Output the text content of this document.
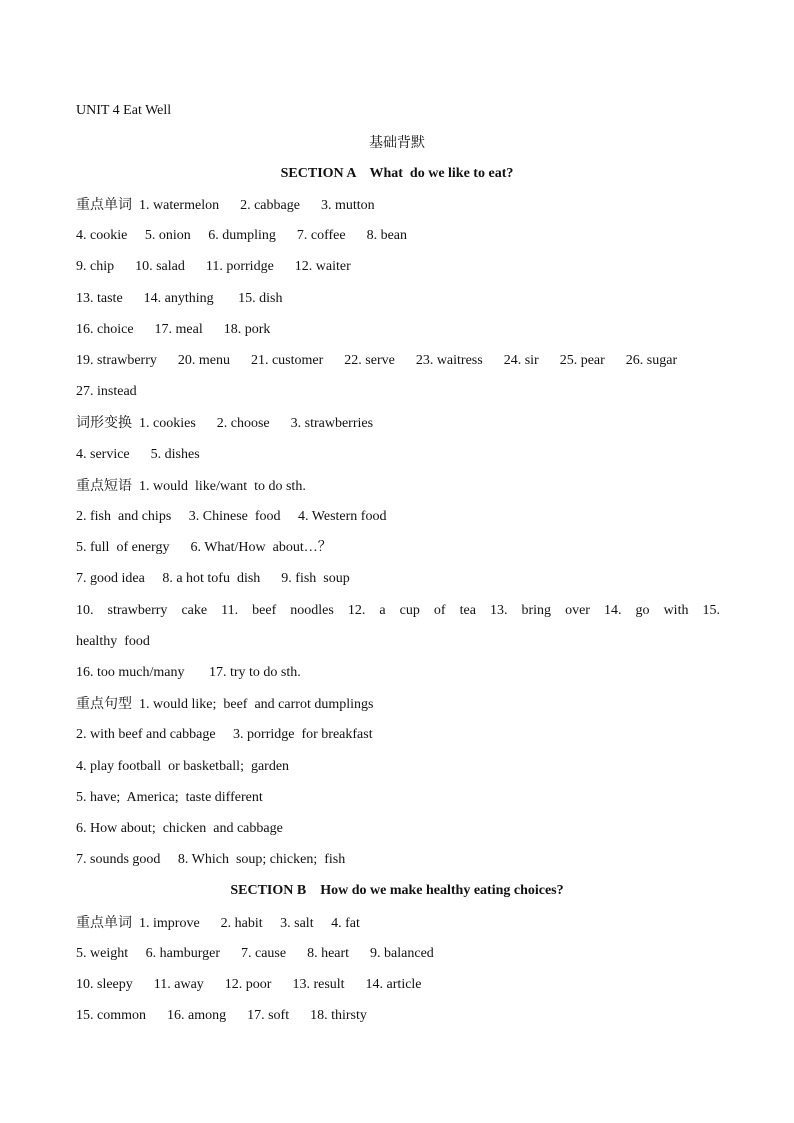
UNIT 4 Eat Well
基础背默
SECTION A    What  do we like to eat?
重点单词 1. watermelon      2. cabbage      3. mutton
4. cookie     5. onion     6. dumpling      7. coffee      8. bean
9. chip      10. salad      11. porridge      12. waiter
13. taste      14. anything       15. dish
16. choice      17. meal      18. pork
19. strawberry      20. menu      21. customer      22. serve      23. waitress      24. sir      25. pear      26. sugar
27. instead
词形变换 1. cookies      2. choose      3. strawberries
4. service      5. dishes
重点短语 1. would  like/want  to do sth.
2. fish  and chips     3. Chinese  food     4. Western food
5. full  of energy      6. What/How  about…？
7. good idea     8. a hot tofu  dish      9. fish  soup
10. strawberry cake 11. beef noodles 12. a cup of tea 13. bring over 14. go with 15.
healthy  food
16. too much/many       17. try to do sth.
重点句型 1. would like;  beef  and carrot dumplings
2. with beef and cabbage     3. porridge  for breakfast
4. play football  or basketball;  garden
5. have;  America;  taste different
6. How about;  chicken  and cabbage
7. sounds good     8. Which  soup; chicken;  fish
SECTION B    How do we make healthy eating choices?
重点单词 1. improve      2. habit     3. salt     4. fat
5. weight     6. hamburger      7. cause      8. heart      9. balanced
10. sleepy      11. away      12. poor      13. result      14. article
15. common      16. among      17. soft      18. thirsty
